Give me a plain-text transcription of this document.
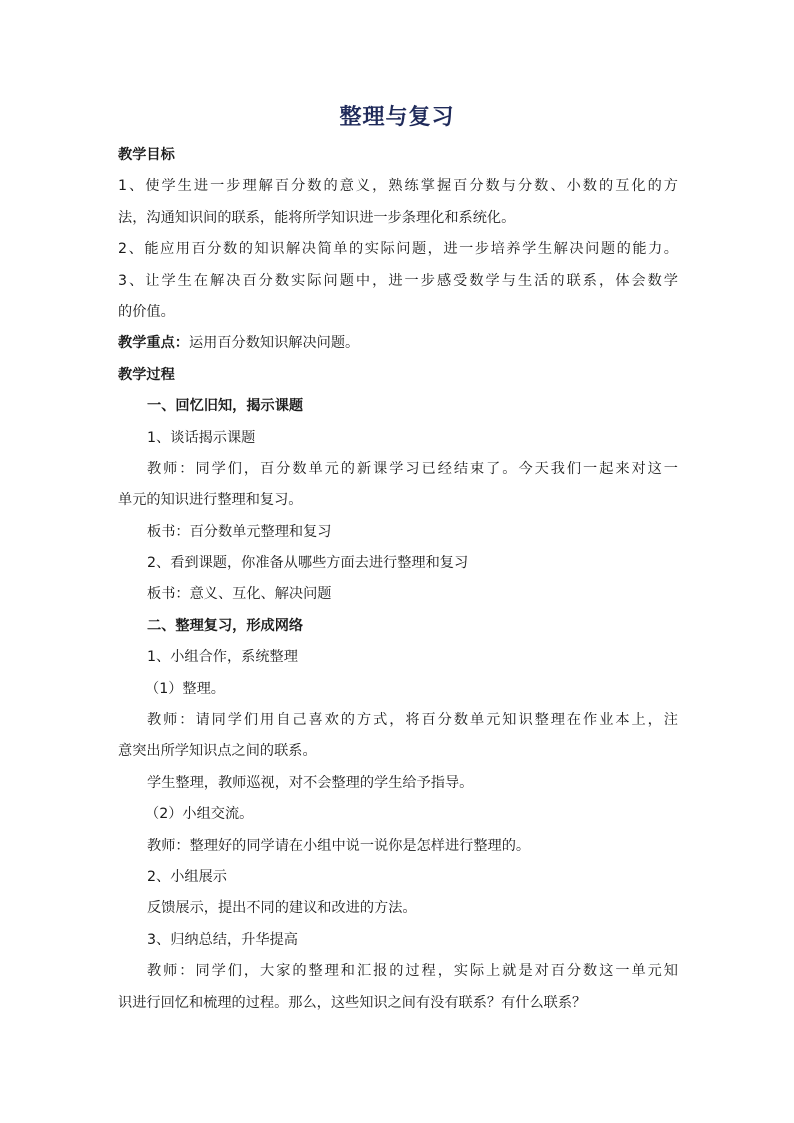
整理与复习
教学目标
1、使学生进一步理解百分数的意义，熟练掌握百分数与分数、小数的互化的方
法，沟通知识间的联系，能将所学知识进一步条理化和系统化。
2、能应用百分数的知识解决简单的实际问题，进一步培养学生解决问题的能力。
3、让学生在解决百分数实际问题中，进一步感受数学与生活的联系，体会数学
的价值。
教学重点：运用百分数知识解决问题。
教学过程
一、回忆旧知，揭示课题
1、谈话揭示课题
教师：同学们，百分数单元的新课学习已经结束了。今天我们一起来对这一
单元的知识进行整理和复习。
板书：百分数单元整理和复习
2、看到课题，你准备从哪些方面去进行整理和复习
板书：意义、互化、解决问题
二、整理复习，形成网络
1、小组合作，系统整理
（1）整理。
教师：请同学们用自己喜欢的方式，将百分数单元知识整理在作业本上，注
意突出所学知识点之间的联系。
学生整理，教师巡视，对不会整理的学生给予指导。
（2）小组交流。
教师：整理好的同学请在小组中说一说你是怎样进行整理的。
2、小组展示
反馈展示，提出不同的建议和改进的方法。
3、归纳总结，升华提高
教师：同学们，大家的整理和汇报的过程，实际上就是对百分数这一单元知
识进行回忆和梳理的过程。那么，这些知识之间有没有联系？有什么联系？
